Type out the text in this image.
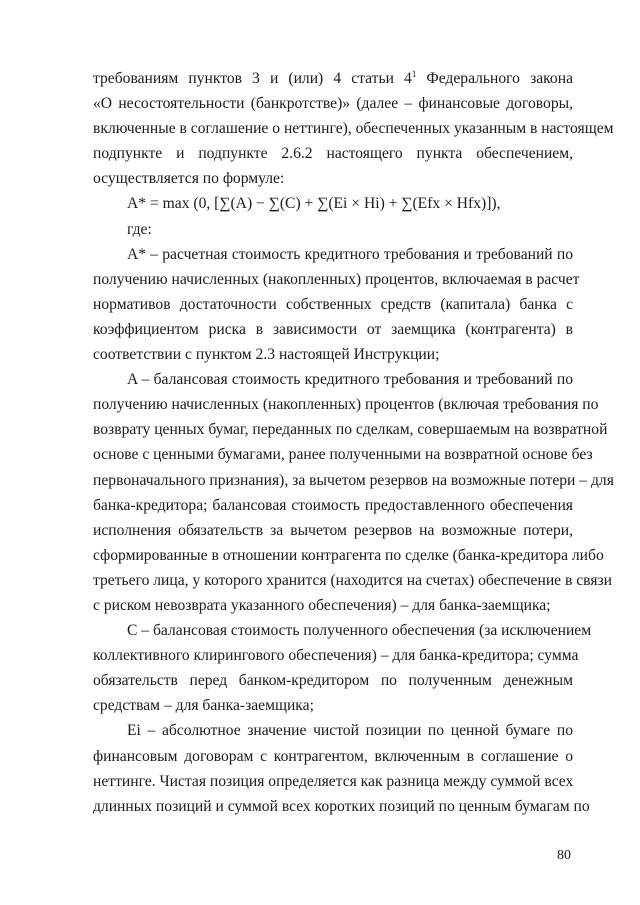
требованиям пунктов 3 и (или) 4 статьи 4$^1$ Федерального закона
«О несостоятельности (банкротстве)» (далее – финансовые договоры,
включенные в соглашение о неттинге), обеспеченных указанным в настоящем
подпункте и подпункте 2.6.2 настоящего пункта обеспечением,
осуществляется по формуле:
A* = max (0, [∑(A) − ∑(C) + ∑(Ei × Hi) + ∑(Efx × Hfx)]),
где:
A* – расчетная стоимость кредитного требования и требований по
получению начисленных (накопленных) процентов, включаемая в расчет
нормативов достаточности собственных средств (капитала) банка с
коэффициентом риска в зависимости от заемщика (контрагента) в
соответствии с пунктом 2.3 настоящей Инструкции;
A – балансовая стоимость кредитного требования и требований по
получению начисленных (накопленных) процентов (включая требования по
возврату ценных бумаг, переданных по сделкам, совершаемым на возвратной
основе с ценными бумагами, ранее полученными на возвратной основе без
первоначального признания), за вычетом резервов на возможные потери – для
банка-кредитора; балансовая стоимость предоставленного обеспечения
исполнения обязательств за вычетом резервов на возможные потери,
сформированные в отношении контрагента по сделке (банка-кредитора либо
третьего лица, у которого хранится (находится на счетах) обеспечение в связи
с риском невозврата указанного обеспечения) – для банка-заемщика;
C – балансовая стоимость полученного обеспечения (за исключением
коллективного клирингового обеспечения) – для банка-кредитора; сумма
обязательств перед банком-кредитором по полученным денежным
средствам – для банка-заемщика;
Ei – абсолютное значение чистой позиции по ценной бумаге по
финансовым договорам с контрагентом, включенным в соглашение о
неттинге. Чистая позиция определяется как разница между суммой всех
длинных позиций и суммой всех коротких позиций по ценным бумагам по
80
